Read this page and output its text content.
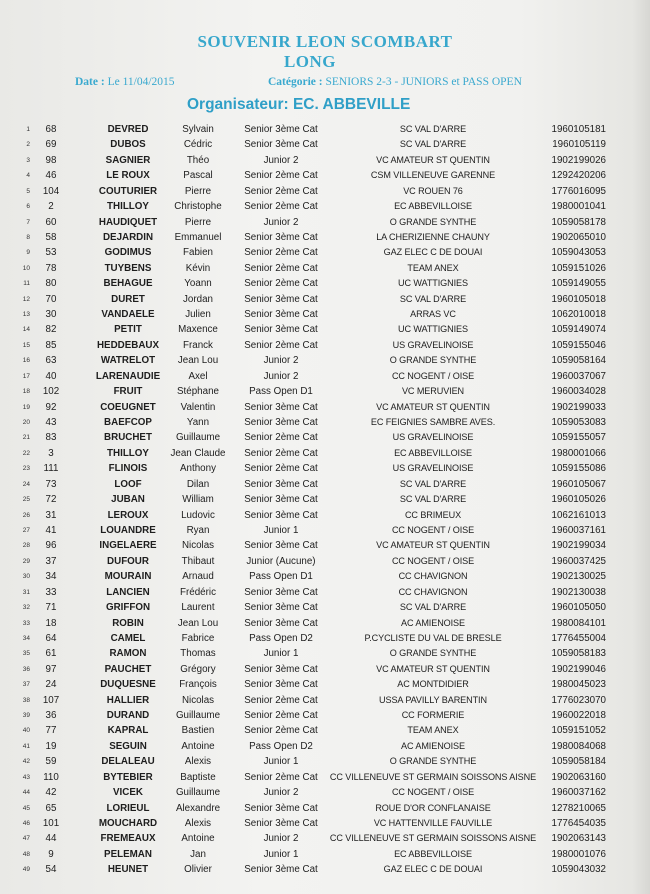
SOUVENIR LEON SCOMBART
LONG
Date : Le 11/04/2015	Catégorie : SENIORS 2-3 - JUNIORS et PASS OPEN
Organisateur: EC. ABBEVILLE
1	68	DEVRED	Sylvain	Senior 3ème Cat	SC VAL D'ARRE	1960105181
2	69	DUBOS	Cédric	Senior 3ème Cat	SC VAL D'ARRE	1960105119
3	98	SAGNIER	Théo	Junior 2	VC AMATEUR ST QUENTIN	1902199026
4	46	LE ROUX	Pascal	Senior 2ème Cat	CSM VILLENEUVE GARENNE	1292420206
5	104	COUTURIER	Pierre	Senior 2ème Cat	VC ROUEN 76	1776016095
6	2	THILLOY	Christophe	Senior 2ème Cat	EC ABBEVILLOISE	1980001041
7	60	HAUDIQUET	Pierre	Junior 2	O GRANDE SYNTHE	1059058178
8	58	DEJARDIN	Emmanuel	Senior 3ème Cat	LA CHERIZIENNE CHAUNY	1902065010
9	53	GODIMUS	Fabien	Senior 2ème Cat	GAZ ELEC C DE DOUAI	1059043053
10	78	TUYBENS	Kévin	Senior 2ème Cat	TEAM ANEX	1059151026
11	80	BEHAGUE	Yoann	Senior 2ème Cat	UC WATTIGNIES	1059149055
12	70	DURET	Jordan	Senior 3ème Cat	SC VAL D'ARRE	1960105018
13	30	VANDAELE	Julien	Senior 3ème Cat	ARRAS VC	1062010018
14	82	PETIT	Maxence	Senior 3ème Cat	UC WATTIGNIES	1059149074
15	85	HEDDEBAUX	Franck	Senior 2ème Cat	US GRAVELINOISE	1059155046
16	63	WATRELOT	Jean Lou	Junior 2	O GRANDE SYNTHE	1059058164
17	40	LARENAUDIE	Axel	Junior 2	CC NOGENT / OISE	1960037067
18	102	FRUIT	Stéphane	Pass Open D1	VC MERUVIEN	1960034028
19	92	COEUGNET	Valentin	Senior 3ème Cat	VC AMATEUR ST QUENTIN	1902199033
20	43	BAEFCOP	Yann	Senior 3ème Cat	EC FEIGNIES SAMBRE AVES.	1059053083
21	83	BRUCHET	Guillaume	Senior 2ème Cat	US GRAVELINOISE	1059155057
22	3	THILLOY	Jean Claude	Senior 2ème Cat	EC ABBEVILLOISE	1980001066
23	111	FLINOIS	Anthony	Senior 2ème Cat	US GRAVELINOISE	1059155086
24	73	LOOF	Dilan	Senior 3ème Cat	SC VAL D'ARRE	1960105067
25	72	JUBAN	William	Senior 3ème Cat	SC VAL D'ARRE	1960105026
26	31	LEROUX	Ludovic	Senior 3ème Cat	CC BRIMEUX	1062161013
27	41	LOUANDRE	Ryan	Junior 1	CC NOGENT / OISE	1960037161
28	96	INGELAERE	Nicolas	Senior 3ème Cat	VC AMATEUR ST QUENTIN	1902199034
29	37	DUFOUR	Thibaut	Junior (Aucune)	CC NOGENT / OISE	1960037425
30	34	MOURAIN	Arnaud	Pass Open D1	CC CHAVIGNON	1902130025
31	33	LANCIEN	Frédéric	Senior 3ème Cat	CC CHAVIGNON	1902130038
32	71	GRIFFON	Laurent	Senior 3ème Cat	SC VAL D'ARRE	1960105050
33	18	ROBIN	Jean Lou	Senior 3ème Cat	AC AMIENOISE	1980084101
34	64	CAMEL	Fabrice	Pass Open D2	P.CYCLISTE DU VAL DE BRESLE	1776455004
35	61	RAMON	Thomas	Junior 1	O GRANDE SYNTHE	1059058183
36	97	PAUCHET	Grégory	Senior 3ème Cat	VC AMATEUR ST QUENTIN	1902199046
37	24	DUQUESNE	François	Senior 3ème Cat	AC MONTDIDIER	1980045023
38	107	HALLIER	Nicolas	Senior 2ème Cat	USSA PAVILLY BARENTIN	1776023070
39	36	DURAND	Guillaume	Senior 2ème Cat	CC FORMERIE	1960022018
40	77	KAPRAL	Bastien	Senior 2ème Cat	TEAM ANEX	1059151052
41	19	SEGUIN	Antoine	Pass Open D2	AC AMIENOISE	1980084068
42	59	DELALEAU	Alexis	Junior 1	O GRANDE SYNTHE	1059058184
43	110	BYTEBIER	Baptiste	Senior 2ème Cat	CC VILLENEUVE ST GERMAIN SOISSONS AISNE	1902063160
44	42	VICEK	Guillaume	Junior 2	CC NOGENT / OISE	1960037162
45	65	LORIEUL	Alexandre	Senior 3ème Cat	ROUE D'OR CONFLANAISE	1278210065
46	101	MOUCHARD	Alexis	Senior 3ème Cat	VC HATTENVILLE FAUVILLE	1776454035
47	44	FREMEAUX	Antoine	Junior 2	CC VILLENEUVE ST GERMAIN SOISSONS AISNE	1902063143
48	9	PELEMAN	Jan	Junior 1	EC ABBEVILLOISE	1980001076
49	54	HEUNET	Olivier	Senior 3ème Cat	GAZ ELEC C DE DOUAI	1059043032
